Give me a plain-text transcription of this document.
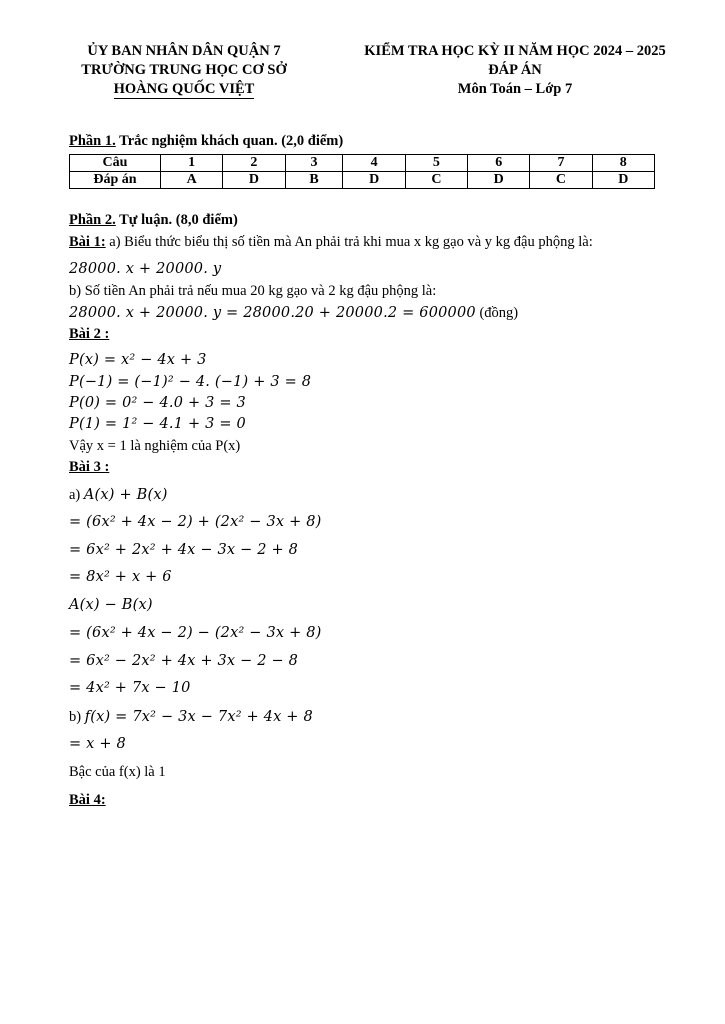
ỦY BAN NHÂN DÂN QUẬN 7
TRƯỜNG TRUNG HỌC CƠ SỞ
HOÀNG QUỐC VIỆT
KIỂM TRA HỌC KỲ II NĂM HỌC 2024 – 2025
ĐÁP ÁN
Môn Toán – Lớp 7
Phần 1. Trắc nghiệm khách quan. (2,0 điểm)
Câu	1	2	3	4	5	6	7	8
Đáp án	A	D	B	D	C	D	C	D
Phần 2. Tự luận. (8,0 điểm)
Bài 1: a) Biểu thức biểu thị số tiền mà An phải trả khi mua x kg gạo và y kg đậu phộng là:
28000. x + 20000. y
b) Số tiền An phải trả nếu mua 20 kg gạo và 2 kg đậu phộng là:
28000. x + 20000. y = 28000.20 + 20000.2 = 600000 (đồng)
Bài 2 :
P(x) = x² − 4x + 3
P(−1) = (−1)² − 4. (−1) + 3 = 8
P(0) = 0² − 4.0 + 3 = 3
P(1) = 1² − 4.1 + 3 = 0
Vậy x = 1 là nghiệm của P(x)
Bài 3 :
a) A(x) + B(x)
= (6x² + 4x − 2) + (2x² − 3x + 8)
= 6x² + 2x² + 4x − 3x − 2 + 8
= 8x² + x + 6
A(x) − B(x)
= (6x² + 4x − 2) − (2x² − 3x + 8)
= 6x² − 2x² + 4x + 3x − 2 − 8
= 4x² + 7x − 10
b) f(x) = 7x² − 3x − 7x² + 4x + 8
= x + 8
Bậc của f(x) là 1
Bài 4:
